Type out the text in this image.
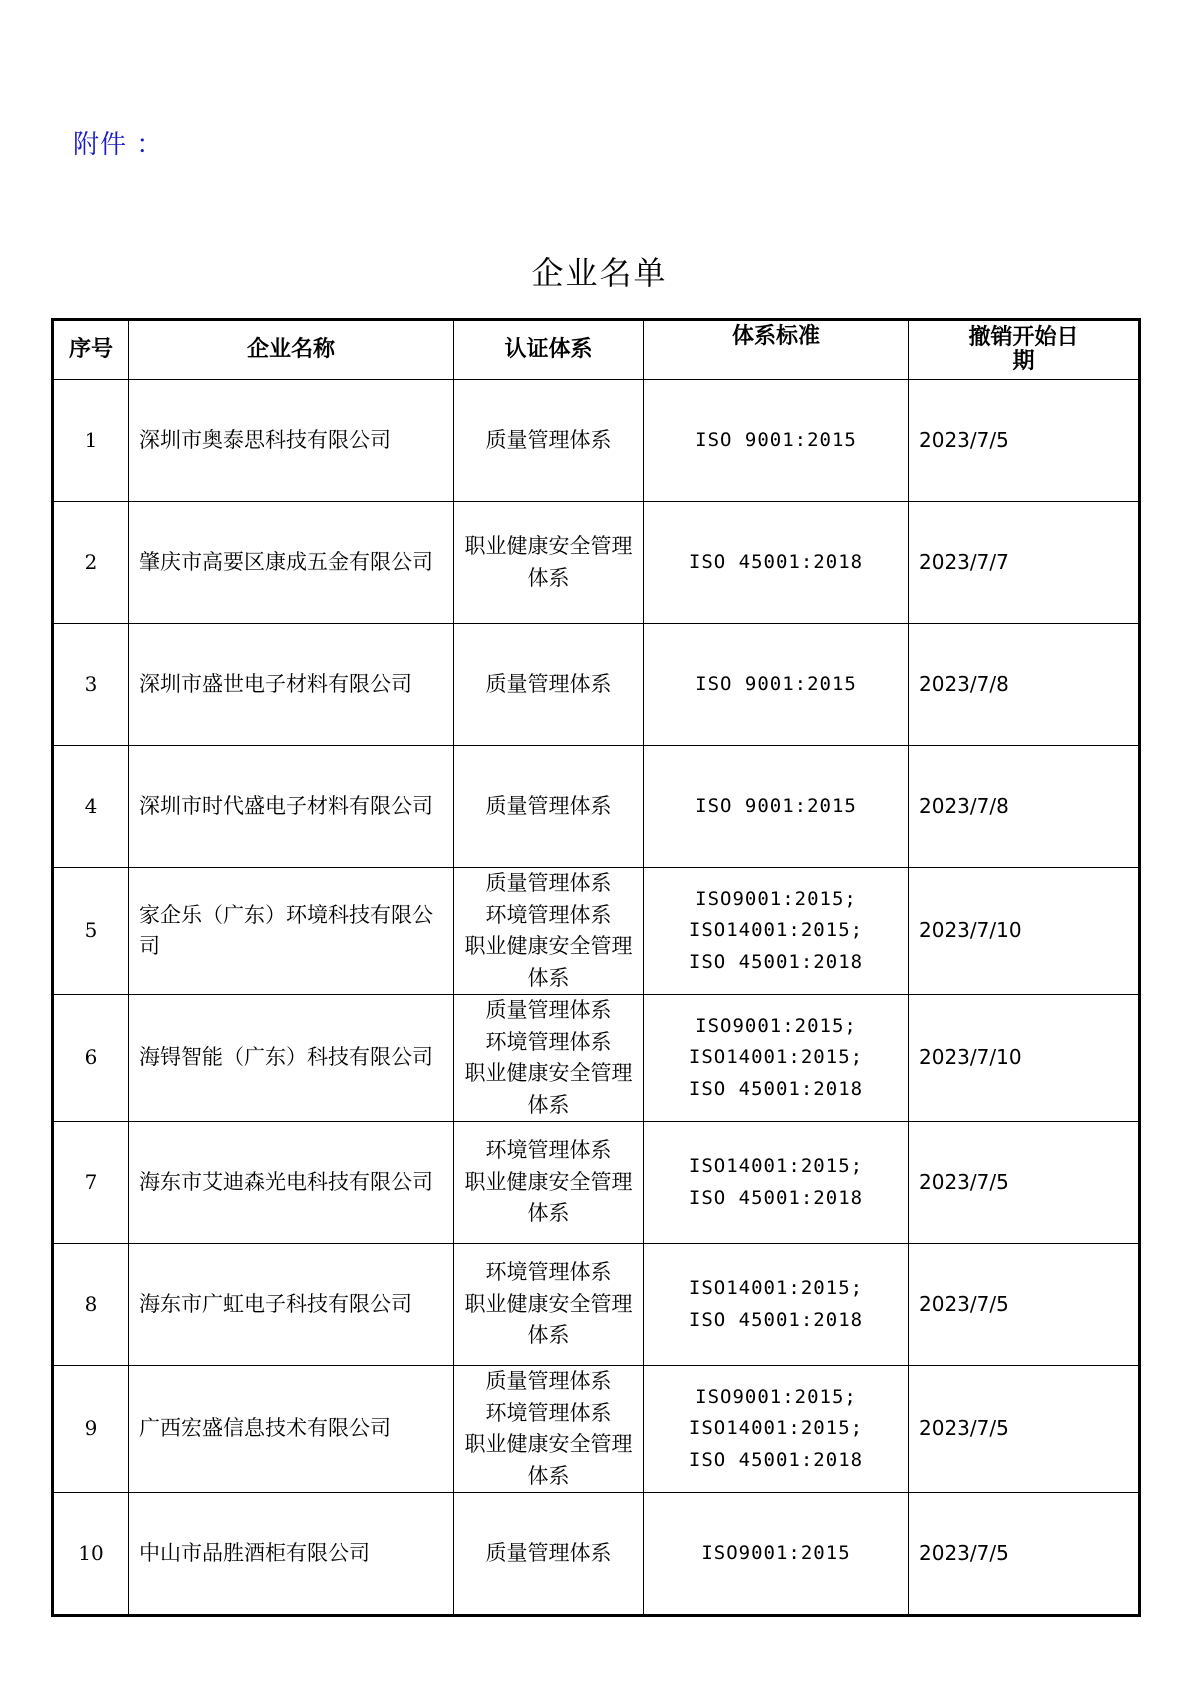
附件 ：
企业名单
序号	企业名称	认证体系	体系标准	撤销开始日
期

1	深圳市奥泰思科技有限公司	质量管理体系	ISO 9001:2015	2023/7/5
2	肇庆市高要区康成五金有限公司	职业健康安全管理
体系	ISO 45001:2018	2023/7/7
3	深圳市盛世电子材料有限公司	质量管理体系	ISO 9001:2015	2023/7/8
4	深圳市时代盛电子材料有限公司	质量管理体系	ISO 9001:2015	2023/7/8
5	家企乐（广东）环境科技有限公司	质量管理体系
环境管理体系
职业健康安全管理
体系	ISO9001:2015;
ISO14001:2015;
ISO 45001:2018	2023/7/10
6	海锝智能（广东）科技有限公司	质量管理体系
环境管理体系
职业健康安全管理
体系	ISO9001:2015;
ISO14001:2015;
ISO 45001:2018	2023/7/10
7	海东市艾迪森光电科技有限公司	环境管理体系
职业健康安全管理
体系	ISO14001:2015;
ISO 45001:2018	2023/7/5
8	海东市广虹电子科技有限公司	环境管理体系
职业健康安全管理
体系	ISO14001:2015;
ISO 45001:2018	2023/7/5
9	广西宏盛信息技术有限公司	质量管理体系
环境管理体系
职业健康安全管理
体系	ISO9001:2015;
ISO14001:2015;
ISO 45001:2018	2023/7/5
10	中山市品胜酒柜有限公司	质量管理体系	ISO9001:2015	2023/7/5
